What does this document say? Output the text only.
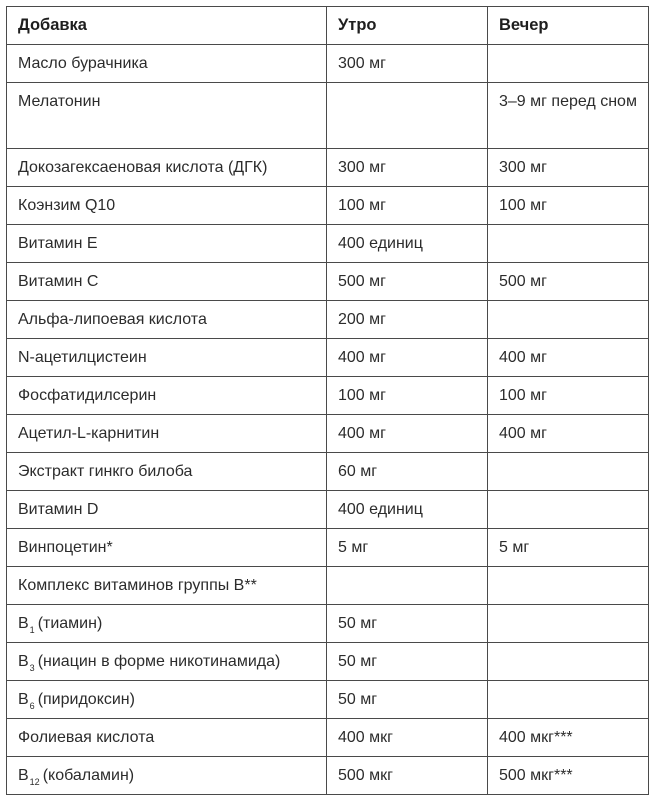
Добавка	Утро	Вечер
Масло бурачника	300 мг	
Мелатонин		3–9 мг перед сном
Докозагексаеновая кислота (ДГК)	300 мг	300 мг
Коэнзим Q10	100 мг	100 мг
Витамин E	400 единиц	
Витамин C	500 мг	500 мг
Альфа-липоевая кислота	200 мг	
N-ацетилцистеин	400 мг	400 мг
Фосфатидилсерин	100 мг	100 мг
Ацетил-L-карнитин	400 мг	400 мг
Экстракт гинкго билоба	60 мг	
Витамин D	400 единиц	
Винпоцетин*	5 мг	5 мг
Комплекс витаминов группы B**		
$B_1$ (тиамин)	50 мг	
$B_3$ (ниацин в форме никотинамида)	50 мг	
$B_6$ (пиридоксин)	50 мг	
Фолиевая кислота	400 мкг	400 мкг***
$B_{12}$ (кобаламин)	500 мкг	500 мкг***
